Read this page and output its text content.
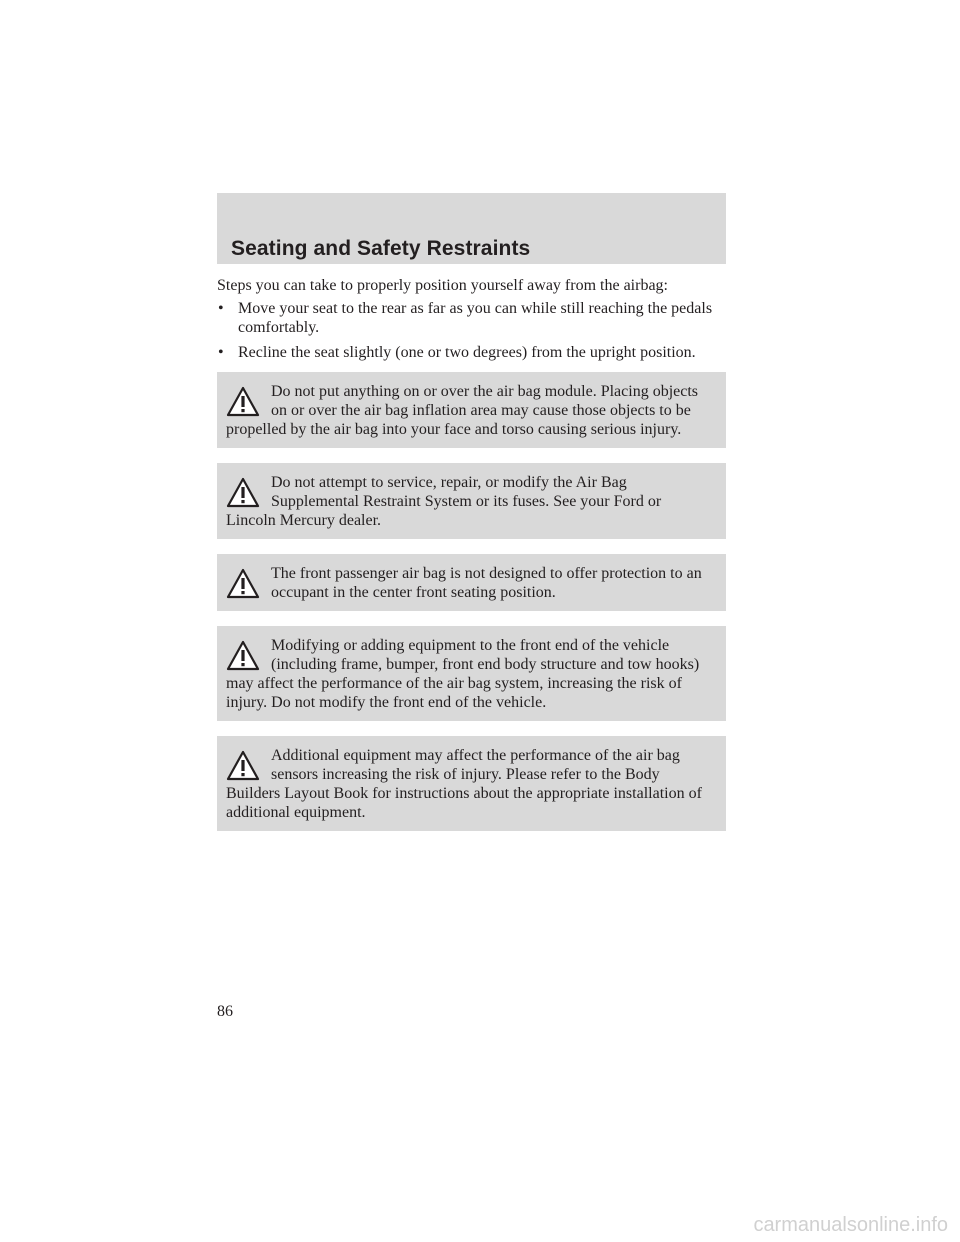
Seating and Safety Restraints

Steps you can take to properly position yourself away from the airbag:

• Move your seat to the rear as far as you can while still reaching the pedals comfortably.
• Recline the seat slightly (one or two degrees) from the upright position.
Do not put anything on or over the air bag module. Placing objects on or over the air bag inflation area may cause those objects to be propelled by the air bag into your face and torso causing serious injury.
Do not attempt to service, repair, or modify the Air Bag Supplemental Restraint System or its fuses. See your Ford or Lincoln Mercury dealer.
The front passenger air bag is not designed to offer protection to an occupant in the center front seating position.
Modifying or adding equipment to the front end of the vehicle (including frame, bumper, front end body structure and tow hooks) may affect the performance of the air bag system, increasing the risk of injury. Do not modify the front end of the vehicle.
Additional equipment may affect the performance of the air bag sensors increasing the risk of injury. Please refer to the Body Builders Layout Book for instructions about the appropriate installation of additional equipment.
86
carmanualsonline.info
